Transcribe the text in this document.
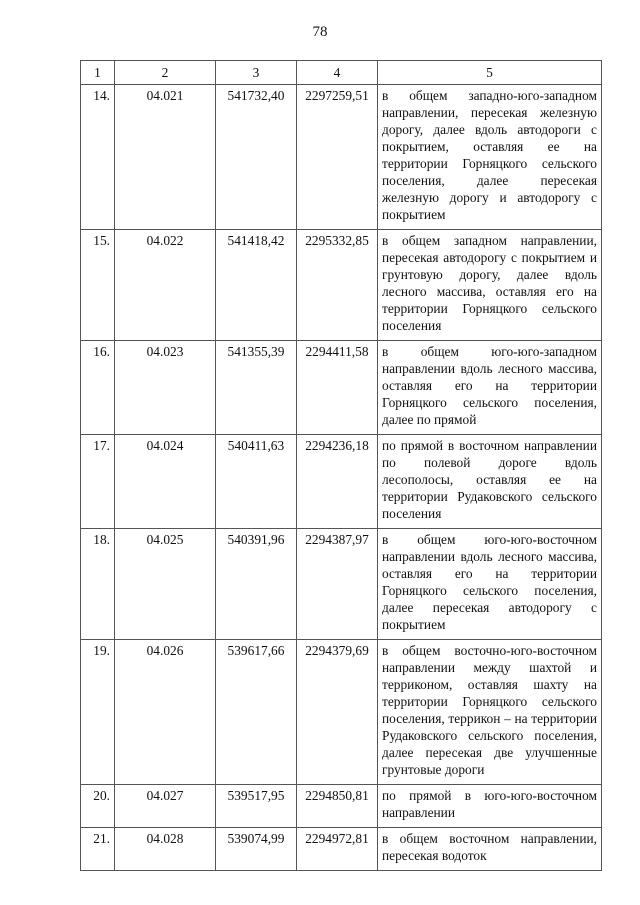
78
1	2	3	4	5
14.	04.021	541732,40	2297259,51	в общем западно-юго-западном направлении, пересекая железную дорогу, далее вдоль автодороги с покрытием, оставляя ее на территории Горняцкого сельского поселения, далее пересекая железную дорогу и автодорогу с покрытием
15.	04.022	541418,42	2295332,85	в общем западном направлении, пересекая автодорогу с покрытием и грунтовую дорогу, далее вдоль лесного массива, оставляя его на территории Горняцкого сельского поселения
16.	04.023	541355,39	2294411,58	в общем юго-юго-западном направлении вдоль лесного массива, оставляя его на территории Горняцкого сельского поселения, далее по прямой
17.	04.024	540411,63	2294236,18	по прямой в восточном направлении по полевой дороге вдоль лесополосы, оставляя ее на территории Рудаковского сельского поселения
18.	04.025	540391,96	2294387,97	в общем юго-юго-восточном направлении вдоль лесного массива, оставляя его на территории Горняцкого сельского поселения, далее пересекая автодорогу с покрытием
19.	04.026	539617,66	2294379,69	в общем восточно-юго-восточном направлении между шахтой и терриконом, оставляя шахту на территории Горняцкого сельского поселения, террикон – на территории Рудаковского сельского поселения, далее пересекая две улучшенные грунтовые дороги
20.	04.027	539517,95	2294850,81	по прямой в юго-юго-восточном направлении
21.	04.028	539074,99	2294972,81	в общем восточном направлении, пересекая водоток
